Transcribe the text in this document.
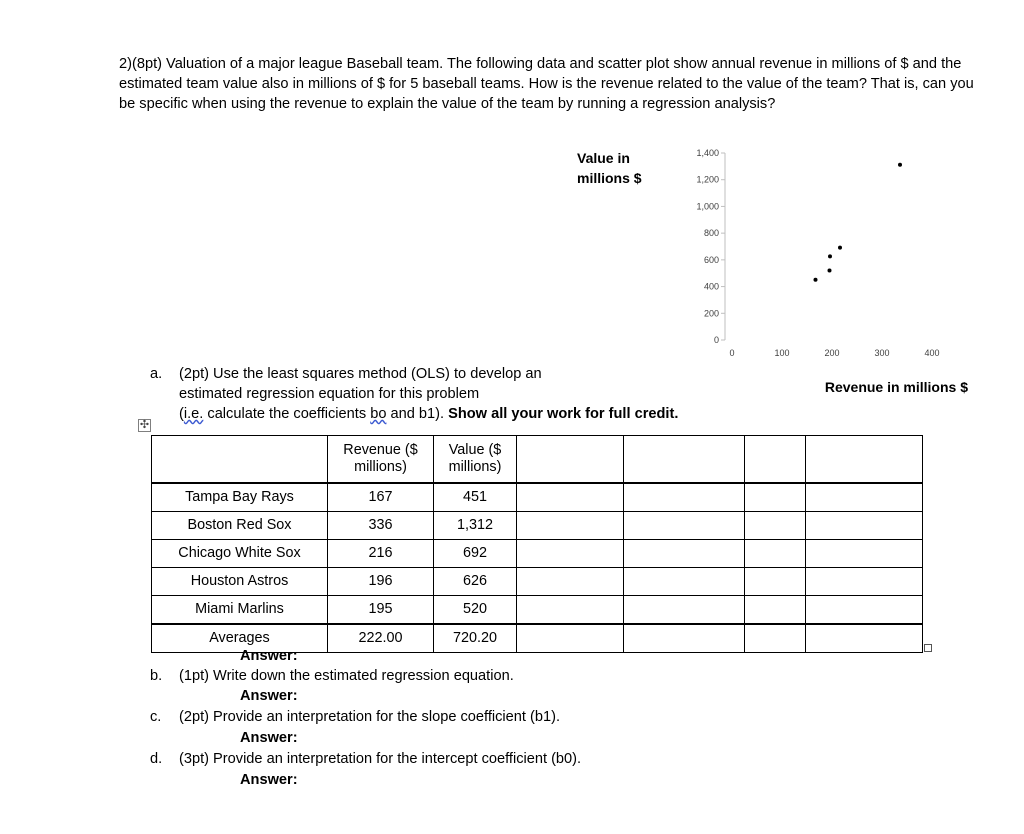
2)(8pt) Valuation of a major league Baseball team. The following data and scatter plot show annual revenue in millions of $ and the estimated team value also in millions of $ for 5 baseball teams. How is the revenue related to the value of the team? That is, can you be specific when using the revenue to explain the value of the team by running a regression analysis?

Value in
millions $
0
200
400
600
800
1,000
1,200
1,400
0	100	200	300	400
Revenue in millions $
a. (2pt) Use the least squares method (OLS) to develop an
estimated regression equation for this problem
(i.e. calculate the coefficients bo and b1). Show all your work for full credit.
✣
	Revenue ($ millions)	Value ($ millions)				
Tampa Bay Rays	167	451				
Boston Red Sox	336	1,312				
Chicago White Sox	216	692				
Houston Astros	196	626				
Miami Marlins	195	520				
Averages	222.00	720.20				
Answer:
b. (1pt) Write down the estimated regression equation.
Answer:
c. (2pt) Provide an interpretation for the slope coefficient (b1).
Answer:
d. (3pt) Provide an interpretation for the intercept coefficient (b0).
Answer:
